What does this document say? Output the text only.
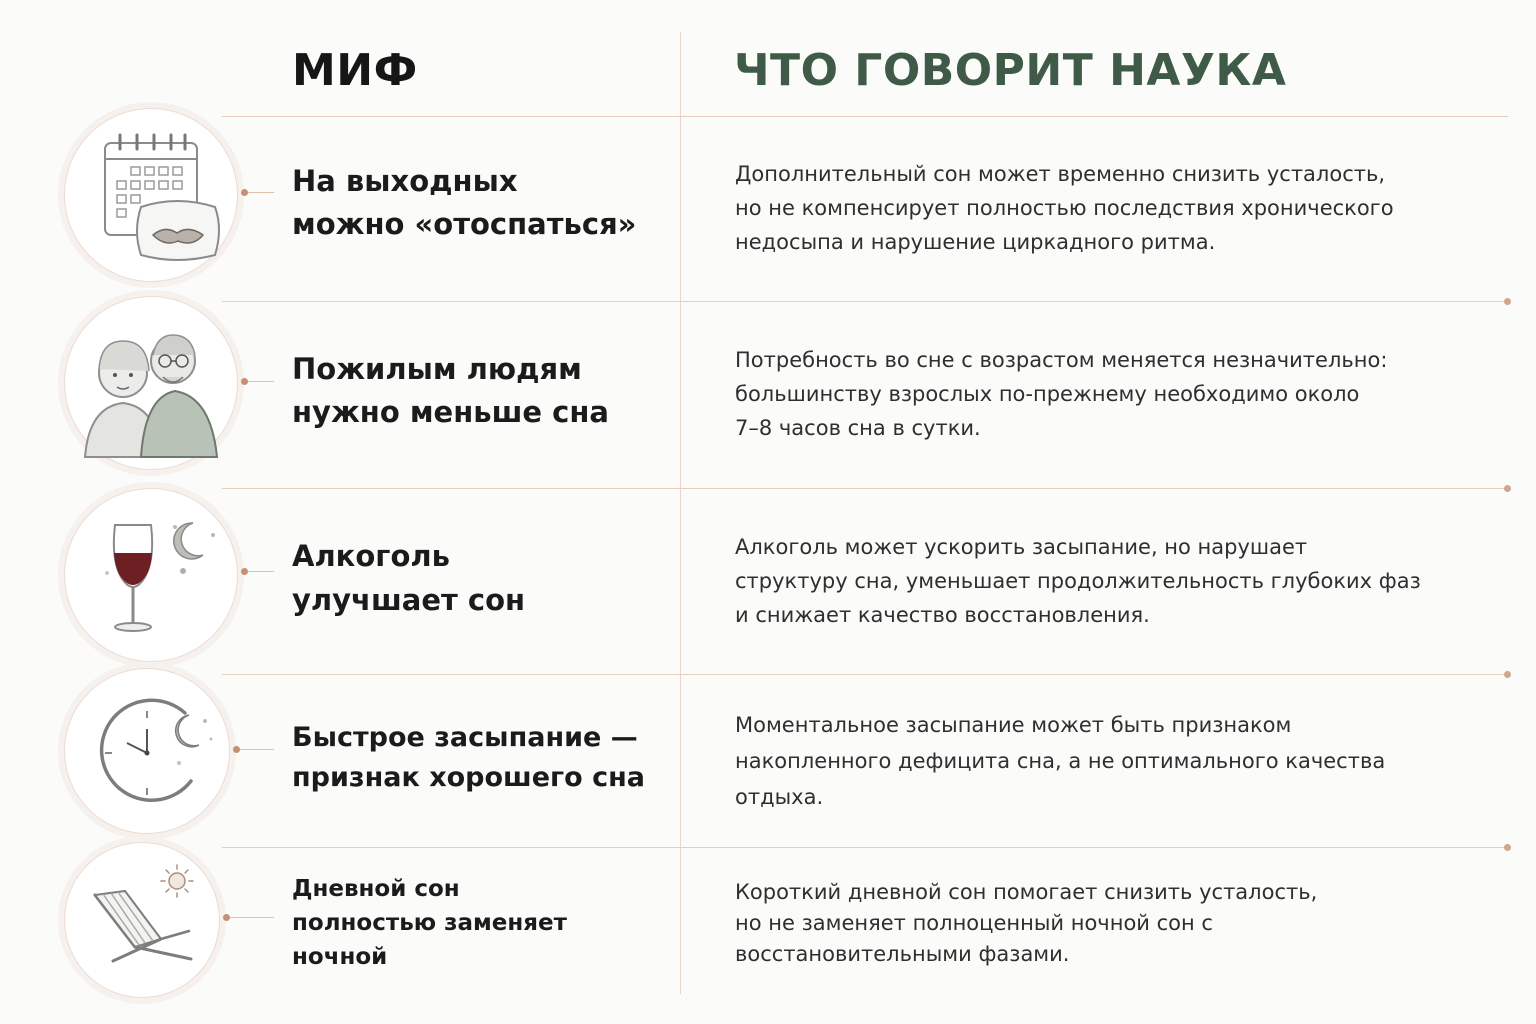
МИФ	ЧТО ГОВОРИТ НАУКА

На выходных
можно «отоспаться»

Дополнительный сон может временно снизить усталость,
но не компенсирует полностью последствия хронического
недосыпа и нарушение циркадного ритма.

Пожилым людям
нужно меньше сна

Потребность во сне с возрастом меняется незначительно:
большинству взрослых по-прежнему необходимо около
7–8 часов сна в сутки.

Алкоголь
улучшает сон

Алкоголь может ускорить засыпание, но нарушает
структуру сна, уменьшает продолжительность глубоких фаз
и снижает качество восстановления.

Быстрое засыпание —
признак хорошего сна

Моментальное засыпание может быть признаком
накопленного дефицита сна, а не оптимального качества
отдыха.

Дневной сон
полностью заменяет
ночной

Короткий дневной сон помогает снизить усталость,
но не заменяет полноценный ночной сон с
восстановительными фазами.
